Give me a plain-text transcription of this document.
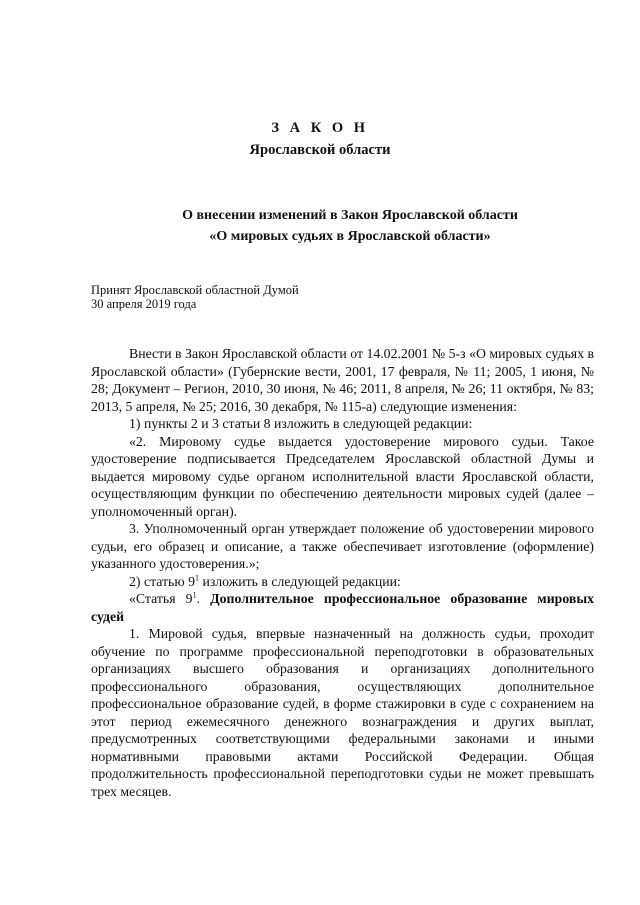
З А К О Н
Ярославской области
О внесении изменений в Закон Ярославской области
«О мировых судьях в Ярославской области»
Принят Ярославской областной Думой
30 апреля 2019 года

Внести в Закон Ярославской области от 14.02.2001 № 5-з «О мировых судьях в Ярославской области» (Губернские вести, 2001, 17 февраля, № 11; 2005, 1 июня, № 28; Документ – Регион, 2010, 30 июня, № 46; 2011, 8 апреля, № 26; 11 октября, № 83; 2013, 5 апреля, № 25; 2016, 30 декабря, № 115-а) следующие изменения:

1) пункты 2 и 3 статьи 8 изложить в следующей редакции:

«2. Мировому судье выдается удостоверение мирового судьи. Такое удостоверение подписывается Председателем Ярославской областной Думы и выдается мировому судье органом исполнительной власти Ярославской области, осуществляющим функции по обеспечению деятельности мировых судей (далее – уполномоченный орган).

3. Уполномоченный орган утверждает положение об удостоверении мирового судьи, его образец и описание, а также обеспечивает изготовление (оформление) указанного удостоверения.»;

2) статью $9^1$ изложить в следующей редакции:

«Статья $9^1$. Дополнительное профессиональное образование мировых судей

1. Мировой судья, впервые назначенный на должность судьи, проходит обучение по программе профессиональной переподготовки в образовательных организациях высшего образования и организациях дополнительного профессионального образования, осуществляющих дополнительное профессиональное образование судей, в форме стажировки в суде с сохранением на этот период ежемесячного денежного вознаграждения и других выплат, предусмотренных соответствующими федеральными законами и иными нормативными правовыми актами Российской Федерации. Общая продолжительность профессиональной переподготовки судьи не может превышать трех месяцев.
